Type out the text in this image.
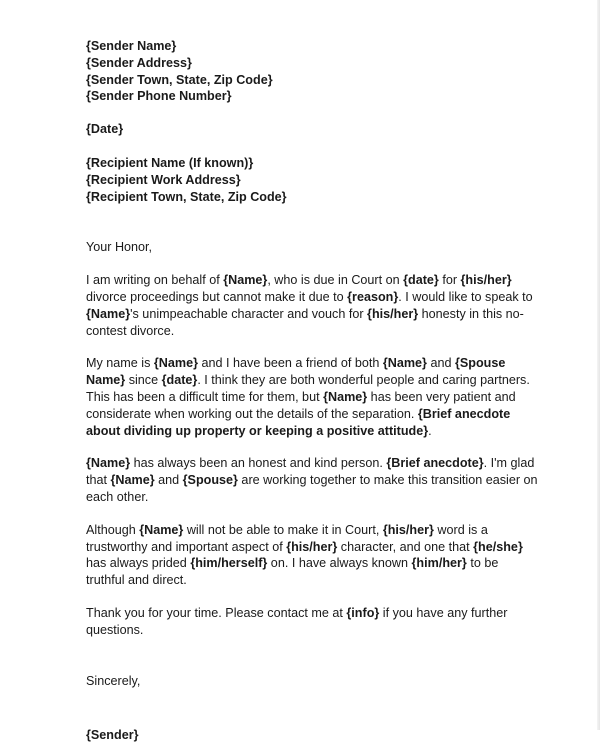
{Sender Name}
{Sender Address}
{Sender Town, State, Zip Code}
{Sender Phone Number}
{Date}
{Recipient Name (If known)}
{Recipient Work Address}
{Recipient Town, State, Zip Code}
Your Honor,

I am writing on behalf of {Name}, who is due in Court on {date} for {his/her}
divorce proceedings but cannot make it due to {reason}. I would like to speak to
{Name}'s unimpeachable character and vouch for {his/her} honesty in this no-
contest divorce.

My name is {Name} and I have been a friend of both {Name} and {Spouse
Name} since {date}. I think they are both wonderful people and caring partners.
This has been a difficult time for them, but {Name} has been very patient and
considerate when working out the details of the separation. {Brief anecdote
about dividing up property or keeping a positive attitude}.

{Name} has always been an honest and kind person. {Brief anecdote}. I'm glad
that {Name} and {Spouse} are working together to make this transition easier on
each other.

Although {Name} will not be able to make it in Court, {his/her} word is a
trustworthy and important aspect of {his/her} character, and one that {he/she}
has always prided {him/herself} on. I have always known {him/her} to be
truthful and direct.

Thank you for your time. Please contact me at {info} if you have any further
questions.

Sincerely,
{Sender}
